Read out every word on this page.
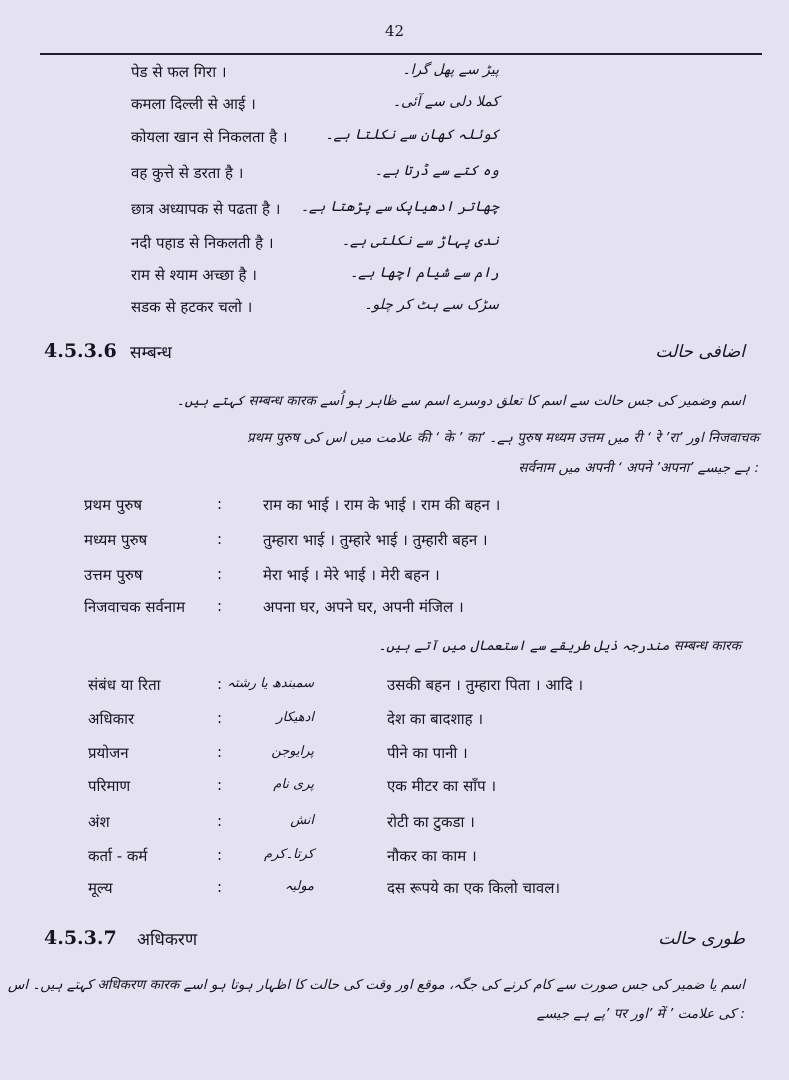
42
पेड से फल गिरा ।	پیڑ سے پھل گرا۔
कमला दिल्ली से आई ।	کملا دلی سے آئی۔
कोयला खान से निकलता है ।	کوئلہ کھان سے نکلتا ہے۔
वह कुत्ते से डरता है ।	وہ کتے سے ڈرتا ہے۔
छात्र अध्यापक से पढता है । چھاتر ادھیاپک سے پڑھتا ہے۔
नदी पहाड से निकलती है ।	ندی پہاڑ سے نکلتی ہے۔
राम से श्याम अच्छा है ।	رام سے شیام اچھا ہے۔
सडक से हटकर चलो ।	سڑک سے ہٹ کر چلو۔
4.5.3.6 सम्बन्ध	اضافی حالت
اسم وضمیر کی جس حالت سے اسم کا تعلق دوسرے اسم سے ظاہر ہو اُسے सम्बन्ध कारक کہتے ہیں۔
निजवाचक اور ’री ‘ रे ’रा میں पुरुष मध्यम उत्तम ہے۔ ’की ‘ के ’ का علامت میں اس کی प्रथम पुरुष
: ہے جیسے ’अपनी ‘ अपने ’अपना میں सर्वनाम
प्रथम पुरुष	:	राम का भाई । राम के भाई । राम की बहन ।
मध्यम पुरुष	:	तुम्हारा भाई । तुम्हारे भाई । तुम्हारी बहन ।
उत्तम पुरुष	:	मेरा भाई । मेरे भाई । मेरी बहन ।
निजवाचक सर्वनाम :	अपना घर, अपने घर, अपनी मंजिल ।
सम्बन्ध कारक مندرجہ ذیل طریقے سے استعمال میں آتے ہیں۔
संबंध या रिता	: سمبندھ یا رشتہ	उसकी बहन । तुम्हारा पिता । आदि ।
अधिकार	:	ادھیکار	देश का बादशाह ।
प्रयोजन	:	پرایوجن	पीने का पानी ।
परिमाण	:	پری نام	एक मीटर का साँप ।
अंश	:	انش	रोटी का टुकडा ।
कर्ता - कर्म	:	کرتا۔کرم	नौकर का काम ।
मूल्य	:	مولیہ	दस रूपये का एक किलो चावल।
4.5.3.7 अधिकरण	طوری حالت
اسم یا ضمیر کی جس صورت سے کام کرنے کی جگہ، موقع اور وقت کی حالت کا اظہار ہوتا ہو اسے अधिकरण कारक کہتے ہیں۔ اس
: کی علامت ’ में ’اور पर ’پے ہے جیسے
